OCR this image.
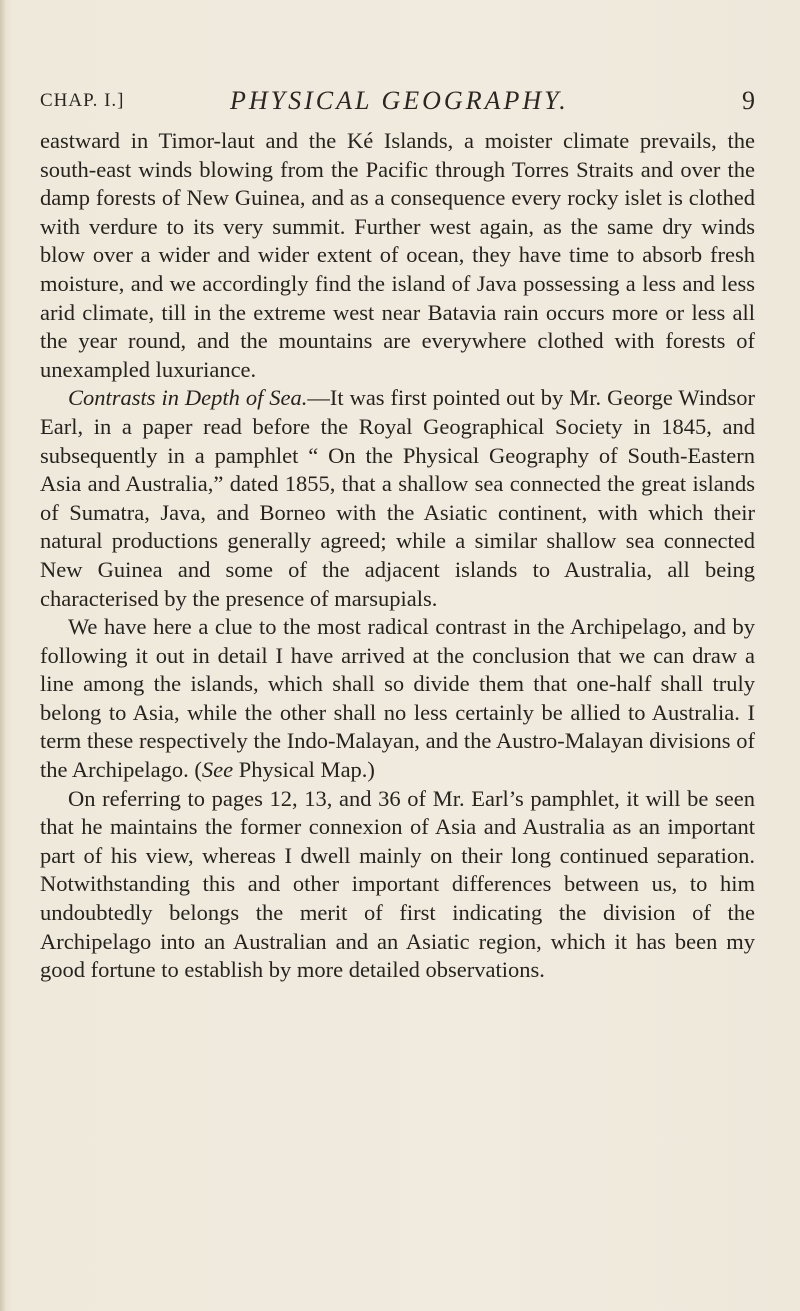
CHAP. I.]	PHYSICAL GEOGRAPHY.	9

eastward in Timor-laut and the Ké Islands, a moister climate prevails, the south-east winds blowing from the Pacific through Torres Straits and over the damp forests of New Guinea, and as a consequence every rocky islet is clothed with verdure to its very summit. Further west again, as the same dry winds blow over a wider and wider extent of ocean, they have time to absorb fresh moisture, and we accordingly find the island of Java possessing a less and less arid climate, till in the extreme west near Batavia rain occurs more or less all the year round, and the mountains are everywhere clothed with forests of unexampled luxuriance.

Contrasts in Depth of Sea.—It was first pointed out by Mr. George Windsor Earl, in a paper read before the Royal Geographical Society in 1845, and subsequently in a pamphlet “ On the Physical Geography of South-Eastern Asia and Australia,” dated 1855, that a shallow sea connected the great islands of Sumatra, Java, and Borneo with the Asiatic continent, with which their natural productions generally agreed; while a similar shallow sea connected New Guinea and some of the adjacent islands to Australia, all being characterised by the presence of marsupials.

We have here a clue to the most radical contrast in the Archipelago, and by following it out in detail I have arrived at the conclusion that we can draw a line among the islands, which shall so divide them that one-half shall truly belong to Asia, while the other shall no less certainly be allied to Australia. I term these respectively the Indo-Malayan, and the Austro-Malayan divisions of the Archipelago. (See Physical Map.)

On referring to pages 12, 13, and 36 of Mr. Earl’s pamphlet, it will be seen that he maintains the former connexion of Asia and Australia as an important part of his view, whereas I dwell mainly on their long continued separation. Notwithstanding this and other important differences between us, to him undoubtedly belongs the merit of first indicating the division of the Archipelago into an Australian and an Asiatic region, which it has been my good fortune to establish by more detailed observations.
